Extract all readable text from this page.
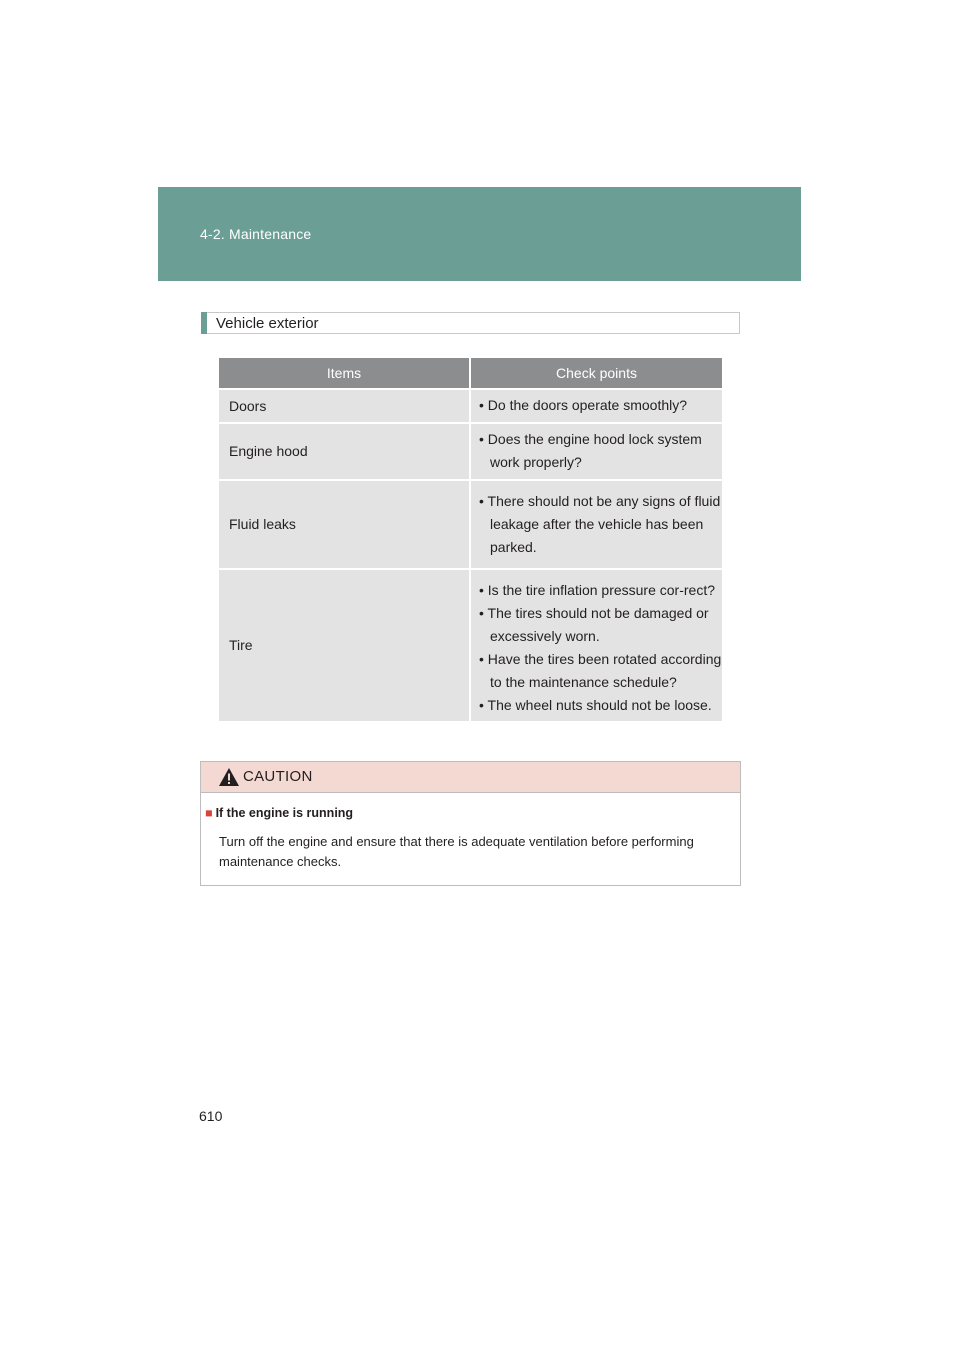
4-2. Maintenance
Vehicle exterior
Items	Check points
Doors	• Do the doors operate smoothly?

Engine hood	• Does the engine hood lock system work properly?

Fluid leaks	• There should not be any signs of fluid leakage after the vehicle has been parked.

Tire	• Is the tire inflation pressure cor-rect?
• The tires should not be damaged or excessively worn.
• Have the tires been rotated according to the maintenance schedule?
• The wheel nuts should not be loose.
CAUTION
■ If the engine is running
Turn off the engine and ensure that there is adequate ventilation before performing maintenance checks.
610
